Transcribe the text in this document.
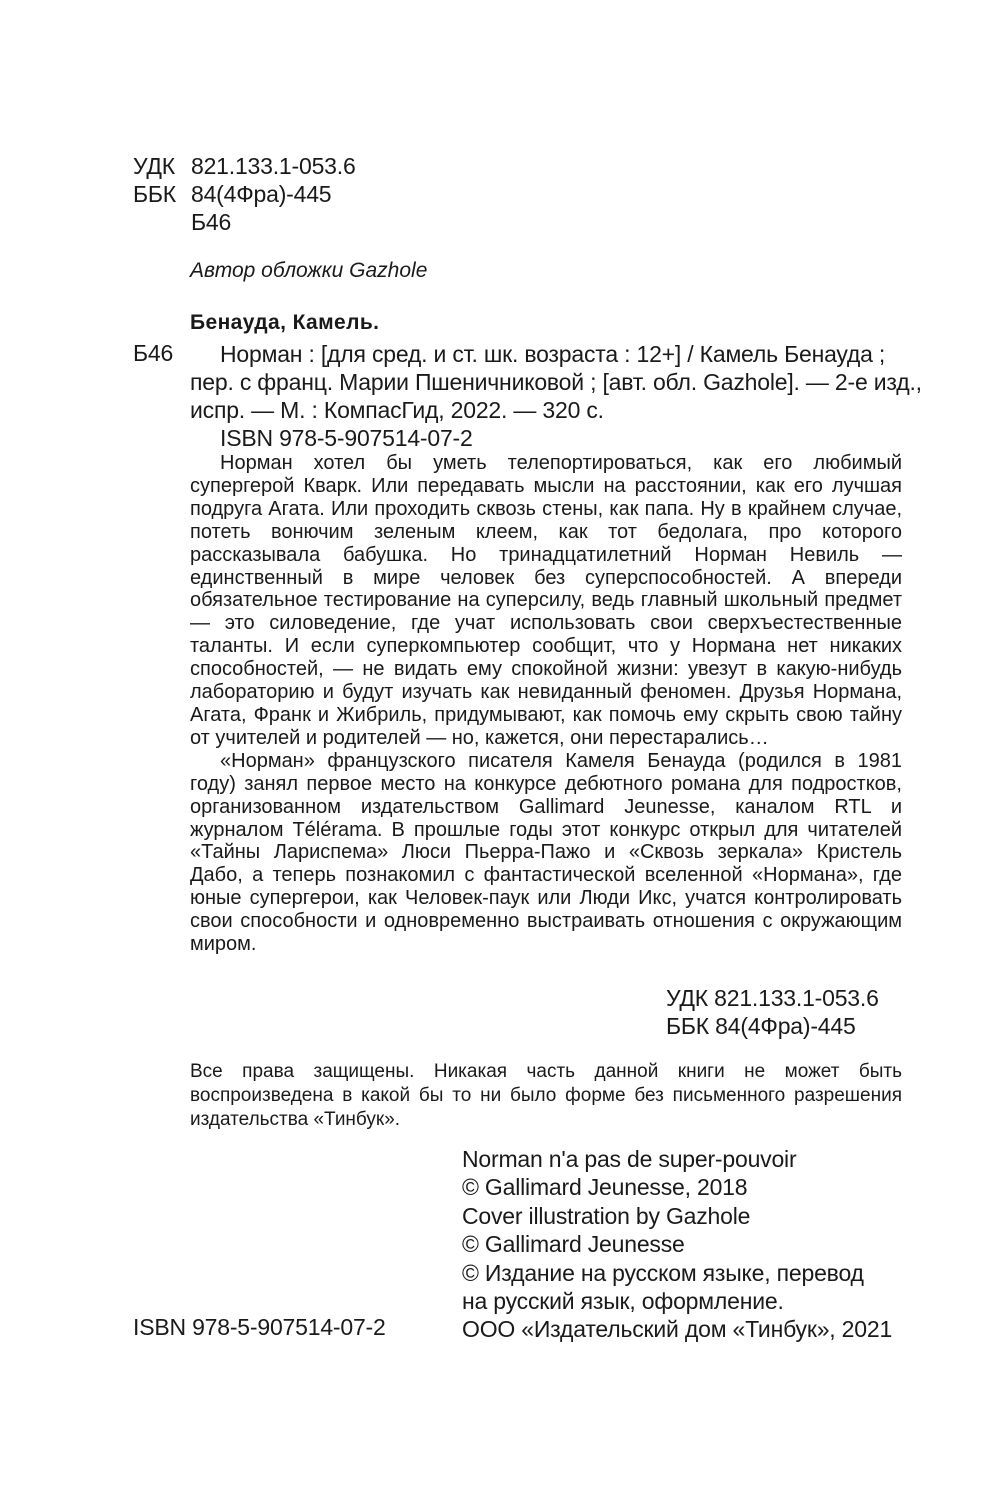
УДК 821.133.1-053.6
ББК 84(4Фра)-445
Б46
Автор обложки Gazhole
Бенауда, Камель.
Б46	Норман : [для сред. и ст. шк. возраста : 12+] / Камель Бенауда ;
пер. с франц. Марии Пшеничниковой ; [авт. обл. Gazhole]. — 2-е изд.,
испр. — М. : КомпасГид, 2022. — 320 с.
ISBN 978-5-907514-07-2

Норман хотел бы уметь телепортироваться, как его любимый супергерой Кварк. Или передавать мысли на расстоянии, как его лучшая подруга Агата. Или проходить сквозь стены, как папа. Ну в крайнем случае, потеть вонючим зеленым клеем, как тот бедолага, про которого рассказывала бабушка. Но тринадцатилетний Норман Невиль — единственный в мире человек без суперспособностей. А впереди обязательное тестирование на суперсилу, ведь главный школьный предмет — это силоведение, где учат использовать свои сверхъестественные таланты. И если суперкомпьютер сообщит, что у Нормана нет никаких способностей, — не видать ему спокойной жизни: увезут в какую-нибудь лабораторию и будут изучать как невиданный феномен. Друзья Нормана, Агата, Франк и Жибриль, придумывают, как помочь ему скрыть свою тайну от учителей и родителей — но, кажется, они перестарались…

«Норман» французского писателя Камеля Бенауда (родился в 1981 году) занял первое место на конкурсе дебютного романа для подростков, организованном издательством Gallimard Jeunesse, каналом RTL и журналом Télérama. В прошлые годы этот конкурс открыл для читателей «Тайны Лариспема» Люси Пьерра-Пажо и «Сквозь зеркала» Кристель Дабо, а теперь познакомил с фантастической вселенной «Нормана», где юные супергерои, как Человек-паук или Люди Икс, учатся контролировать свои способности и одновременно выстраивать отношения с окружающим миром.

УДК 821.133.1-053.6
ББК 84(4Фра)-445
Все права защищены. Никакая часть данной книги не может быть воспроизведена в какой бы то ни было форме без письменного разрешения издательства «Тинбук».
Norman n'a pas de super-pouvoir
© Gallimard Jeunesse, 2018
Cover illustration by Gazhole
© Gallimard Jeunesse
© Издание на русском языке, перевод
на русский язык, оформление.
ООО «Издательский дом «Тинбук», 2021
ISBN 978-5-907514-07-2
